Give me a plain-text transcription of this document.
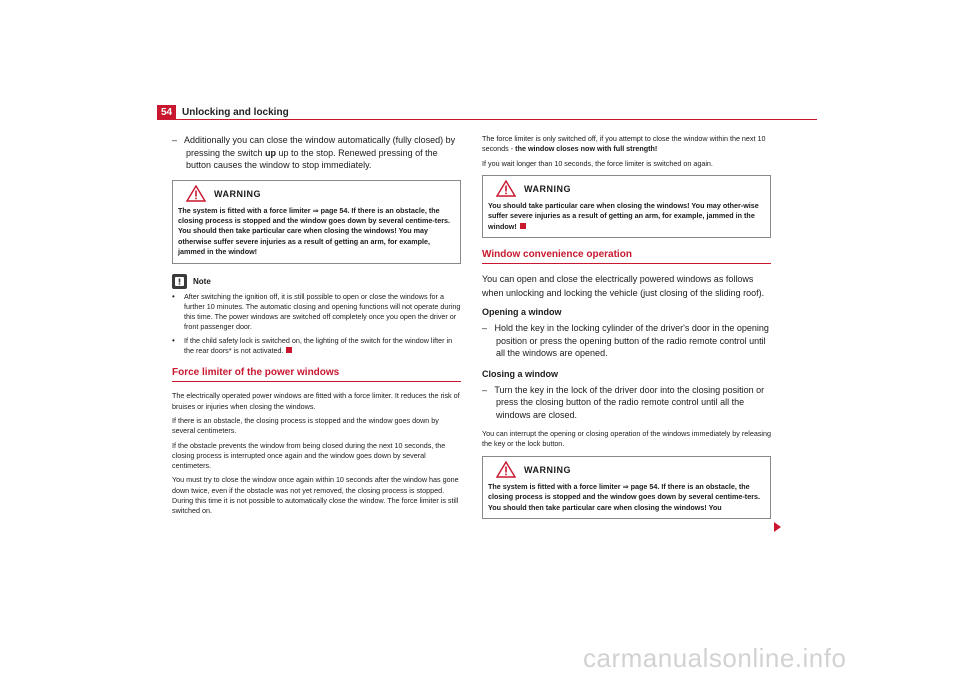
54 Unlocking and locking

– Additionally you can close the window automatically (fully closed) by pressing the switch up up to the stop. Renewed pressing of the button causes the window to stop immediately.

WARNING

The system is fitted with a force limiter ⇒ page 54. If there is an obstacle, the closing process is stopped and the window goes down by several centime-ters. You should then take particular care when closing the windows! You may otherwise suffer severe injuries as a result of getting an arm, for example, jammed in the window!

Note
•	After switching the ignition off, it is still possible to open or close the windows for a further 10 minutes. The automatic closing and opening functions will not operate during this time. The power windows are switched off completely once you open the driver or front passenger door.
•	If the child safety lock is switched on, the lighting of the switch for the window lifter in the rear doors* is not activated.
Force limiter of the power windows

The electrically operated power windows are fitted with a force limiter. It reduces the risk of bruises or injuries when closing the windows.

If there is an obstacle, the closing process is stopped and the window goes down by several centimeters.

If the obstacle prevents the window from being closed during the next 10 seconds, the closing process is interrupted once again and the window goes down by several centimeters.

You must try to close the window once again within 10 seconds after the window has gone down twice, even if the obstacle was not yet removed, the closing process is stopped. During this time it is not possible to automatically close the window. The force limiter is still switched on.

The force limiter is only switched off, if you attempt to close the window within the next 10 seconds - the window closes now with full strength!

If you wait longer than 10 seconds, the force limiter is switched on again.

WARNING

You should take particular care when closing the windows! You may other-wise suffer severe injuries as a result of getting an arm, for example, jammed in the window!

Window convenience operation

You can open and close the electrically powered windows as follows when unlocking and locking the vehicle (just closing of the sliding roof).

Opening a window

– Hold the key in the locking cylinder of the driver's door in the opening position or press the opening button of the radio remote control until all the windows are opened.

Closing a window

– Turn the key in the lock of the driver door into the closing position or press the closing button of the radio remote control until all the windows are closed.

You can interrupt the opening or closing operation of the windows immediately by releasing the key or the lock button.

WARNING

The system is fitted with a force limiter ⇒ page 54. If there is an obstacle, the closing process is stopped and the window goes down by several centime-ters. You should then take particular care when closing the windows! You

carmanualsonline.info
